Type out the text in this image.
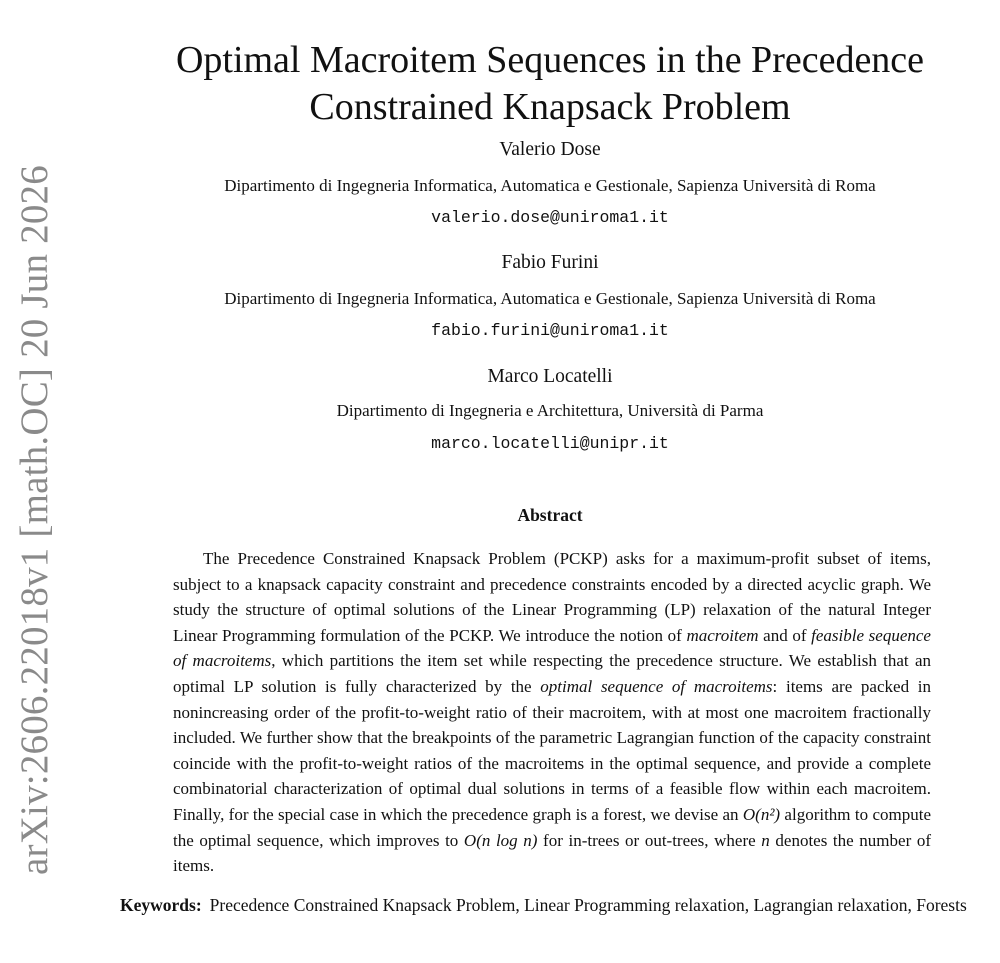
arXiv:2606.22018v1 [math.OC] 20 Jun 2026
Optimal Macroitem Sequences in the Precedence
Constrained Knapsack Problem
Valerio Dose
Dipartimento di Ingegneria Informatica, Automatica e Gestionale, Sapienza Università di Roma
valerio.dose@uniroma1.it
Fabio Furini
Dipartimento di Ingegneria Informatica, Automatica e Gestionale, Sapienza Università di Roma
fabio.furini@uniroma1.it
Marco Locatelli
Dipartimento di Ingegneria e Architettura, Università di Parma
marco.locatelli@unipr.it
Abstract

The Precedence Constrained Knapsack Problem (PCKP) asks for a maximum-profit subset of items, subject to a knapsack capacity constraint and precedence constraints encoded by a directed acyclic graph. We study the structure of optimal solutions of the Linear Programming (LP) relaxation of the natural Integer Linear Programming formulation of the PCKP. We introduce the notion of macroitem and of feasible sequence of macroitems, which partitions the item set while respecting the precedence structure. We establish that an optimal LP solution is fully characterized by the optimal sequence of macroitems: items are packed in nonincreasing order of the profit-to-weight ratio of their macroitem, with at most one macroitem fractionally included. We further show that the breakpoints of the parametric Lagrangian function of the capacity constraint coincide with the profit-to-weight ratios of the macroitems in the optimal sequence, and provide a complete combinatorial characterization of optimal dual solutions in terms of a feasible flow within each macroitem. Finally, for the special case in which the precedence graph is a forest, we devise an O(n²) algorithm to compute the optimal sequence, which improves to O(n log n) for in-trees or out-trees, where n denotes the number of items.

Keywords: Precedence Constrained Knapsack Problem, Linear Programming relaxation, Lagrangian relaxation, Forests
